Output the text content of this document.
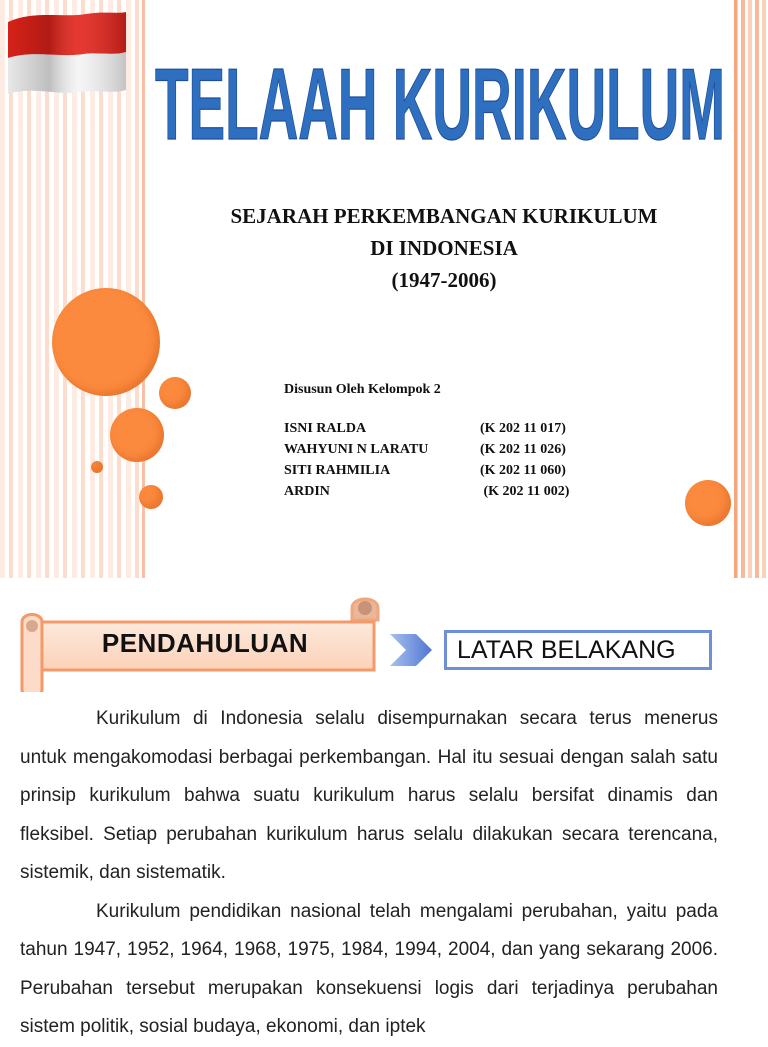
TELAAH KURIKULUM
SEJARAH PERKEMBANGAN KURIKULUM
DI INDONESIA
(1947-2006)
Disusun Oleh Kelompok 2
ISNI RALDA	(K 202 11 017)
WAHYUNI N LARATU	(K 202 11 026)
SITI RAHMILIA	(K 202 11 060)
ARDIN	(K 202 11 002)
PENDAHULUAN	LATAR BELAKANG

Kurikulum di Indonesia selalu disempurnakan secara terus menerus untuk mengakomodasi berbagai perkembangan. Hal itu sesuai dengan salah satu prinsip kurikulum bahwa suatu kurikulum harus selalu bersifat dinamis dan fleksibel. Setiap perubahan kurikulum harus selalu dilakukan secara terencana, sistemik, dan sistematik.

Kurikulum pendidikan nasional telah mengalami perubahan, yaitu pada tahun 1947, 1952, 1964, 1968, 1975, 1984, 1994, 2004, dan yang sekarang 2006. Perubahan tersebut merupakan konsekuensi logis dari terjadinya perubahan sistem politik, sosial budaya, ekonomi, dan iptek
